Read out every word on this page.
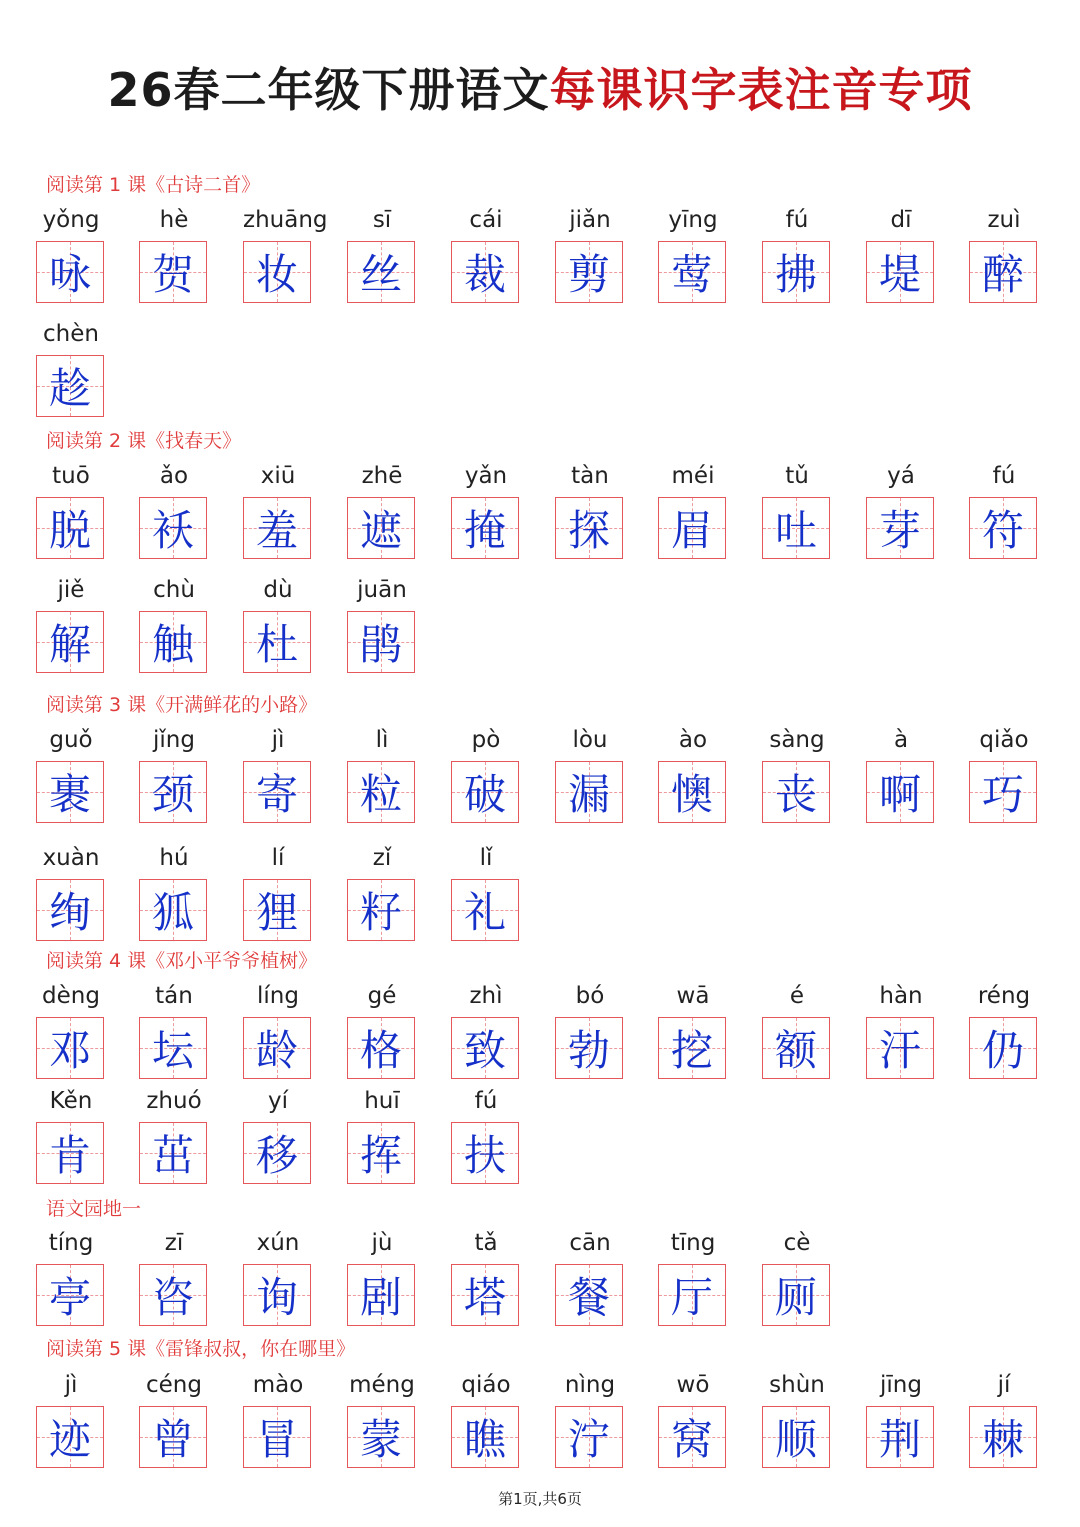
26春二年级下册语文每课识字表注音专项
阅读第 1 课《古诗二首》
yǒng
咏
hè
贺
zhuāng
妆
sī
丝
cái
裁
jiǎn
剪
yīng
莺
fú
拂
dī
堤
zuì
醉
chèn
趁
阅读第 2 课《找春天》
tuō
脱
ǎo
袄
xiū
羞
zhē
遮
yǎn
掩
tàn
探
méi
眉
tǔ
吐
yá
芽
fú
符
jiě
解
chù
触
dù
杜
juān
鹃
阅读第 3 课《开满鲜花的小路》
guǒ
裹
jǐng
颈
jì
寄
lì
粒
pò
破
lòu
漏
ào
懊
sàng
丧
à
啊
qiǎo
巧
xuàn
绚
hú
狐
lí
狸
zǐ
籽
lǐ
礼
阅读第 4 课《邓小平爷爷植树》
dèng
邓
tán
坛
líng
龄
gé
格
zhì
致
bó
勃
wā
挖
é
额
hàn
汗
réng
仍
Kěn
肯
zhuó
茁
yí
移
huī
挥
fú
扶
语文园地一
tíng
亭
zī
咨
xún
询
jù
剧
tǎ
塔
cān
餐
tīng
厅
cè
厕
阅读第 5 课《雷锋叔叔，你在哪里》
jì
迹
céng
曾
mào
冒
méng
蒙
qiáo
瞧
nìng
泞
wō
窝
shùn
顺
jīng
荆
jí
棘
第1页,共6页
